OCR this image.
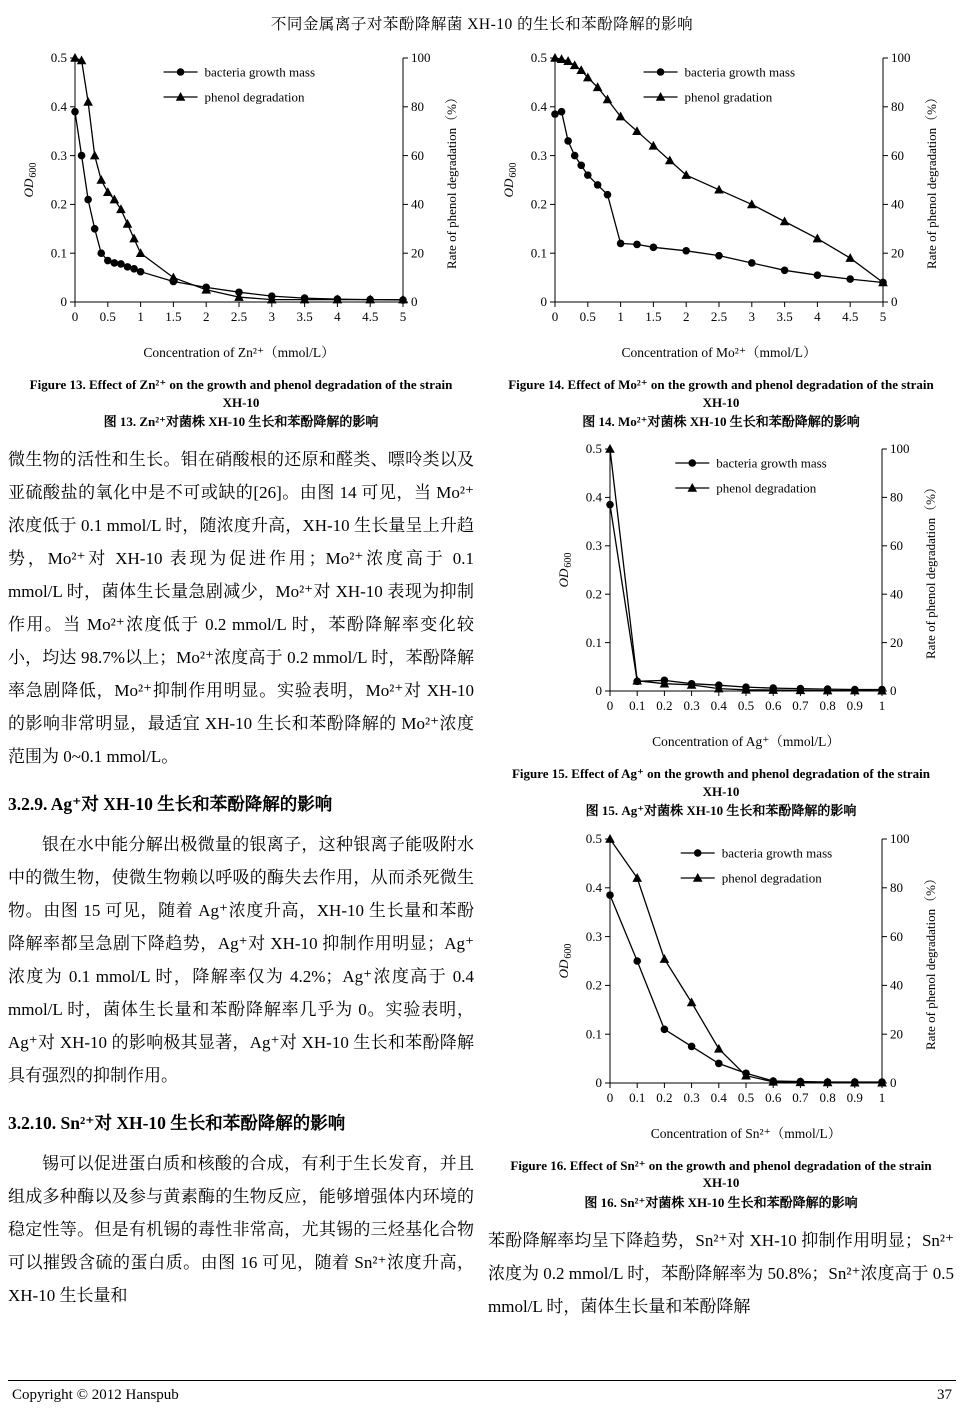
不同金属离子对苯酚降解菌 XH-10 的生长和苯酚降解的影响
0
0.1
0.2
0.3
0.4
0.5
0
20
40
60
80
100
0 0.5 1 1.5 2 2.5 3 3.5 4 4.5 5
Concentration of Zn²⁺（mmol/L）
$OD_{600}$	Rate of phenol degradation（%）
bacteria growth mass
phenol degradation
Figure 13. Effect of Zn²⁺ on the growth and phenol degradation of the strain XH-10
图 13. Zn²⁺对菌株 XH-10 生长和苯酚降解的影响

微生物的活性和生长。钼在硝酸根的还原和醛类、嘌呤类以及亚硫酸盐的氧化中是不可或缺的[26]。由图 14 可见，当 Mo²⁺浓度低于 0.1 mmol/L 时，随浓度升高，XH-10 生长量呈上升趋势，Mo²⁺对 XH-10 表现为促进作用；Mo²⁺浓度高于 0.1 mmol/L 时，菌体生长量急剧减少，Mo²⁺对 XH-10 表现为抑制作用。当 Mo²⁺浓度低于 0.2 mmol/L 时，苯酚降解率变化较小，均达 98.7%以上；Mo²⁺浓度高于 0.2 mmol/L 时，苯酚降解率急剧降低，Mo²⁺抑制作用明显。实验表明，Mo²⁺对 XH-10 的影响非常明显，最适宜 XH-10 生长和苯酚降解的 Mo²⁺浓度范围为 0~0.1 mmol/L。

3.2.9. Ag⁺对 XH-10 生长和苯酚降解的影响

银在水中能分解出极微量的银离子，这种银离子能吸附水中的微生物，使微生物赖以呼吸的酶失去作用，从而杀死微生物。由图 15 可见，随着 Ag⁺浓度升高，XH-10 生长量和苯酚降解率都呈急剧下降趋势，Ag⁺对 XH-10 抑制作用明显；Ag⁺浓度为 0.1 mmol/L 时，降解率仅为 4.2%；Ag⁺浓度高于 0.4 mmol/L 时，菌体生长量和苯酚降解率几乎为 0。实验表明，Ag⁺对 XH-10 的影响极其显著，Ag⁺对 XH-10 生长和苯酚降解具有强烈的抑制作用。

3.2.10. Sn²⁺对 XH-10 生长和苯酚降解的影响

锡可以促进蛋白质和核酸的合成，有利于生长发育，并且组成多种酶以及参与黄素酶的生物反应，能够增强体内环境的稳定性等。但是有机锡的毒性非常高，尤其锡的三烃基化合物可以摧毁含硫的蛋白质。由图 16 可见，随着 Sn²⁺浓度升高，XH-10 生长量和

0
0.1
0.2
0.3
0.4
0.5
0
20
40
60
80
100
0 0.5 1 1.5 2 2.5 3 3.5 4 4.5 5
Concentration of Mo²⁺（mmol/L）
$OD_{600}$	Rate of phenol degradation（%）
bacteria growth mass
phenol gradation
Figure 14. Effect of Mo²⁺ on the growth and phenol degradation of the strain XH-10
图 14. Mo²⁺对菌株 XH-10 生长和苯酚降解的影响
0
0.1
0.2
0.3
0.4
0.5
0
20
40
60
80
100
0 0.1 0.2 0.3 0.4 0.5 0.6 0.7 0.8 0.9 1
Concentration of Ag⁺（mmol/L）
$OD_{600}$	Rate of phenol degradation（%）
bacteria growth mass
phenol degradation
Figure 15. Effect of Ag⁺ on the growth and phenol degradation of the strain XH-10
图 15. Ag⁺对菌株 XH-10 生长和苯酚降解的影响
0
0.1
0.2
0.3
0.4
0.5
0
20
40
60
80
100
0 0.1 0.2 0.3 0.4 0.5 0.6 0.7 0.8 0.9 1
Concentration of Sn²⁺（mmol/L）
$OD_{600}$	Rate of phenol degradation（%）
bacteria growth mass
phenol degradation
Figure 16. Effect of Sn²⁺ on the growth and phenol degradation of the strain XH-10
图 16. Sn²⁺对菌株 XH-10 生长和苯酚降解的影响

苯酚降解率均呈下降趋势，Sn²⁺对 XH-10 抑制作用明显；Sn²⁺浓度为 0.2 mmol/L 时，苯酚降解率为 50.8%；Sn²⁺浓度高于 0.5 mmol/L 时，菌体生长量和苯酚降解

Copyright © 2012 Hanspub	37
